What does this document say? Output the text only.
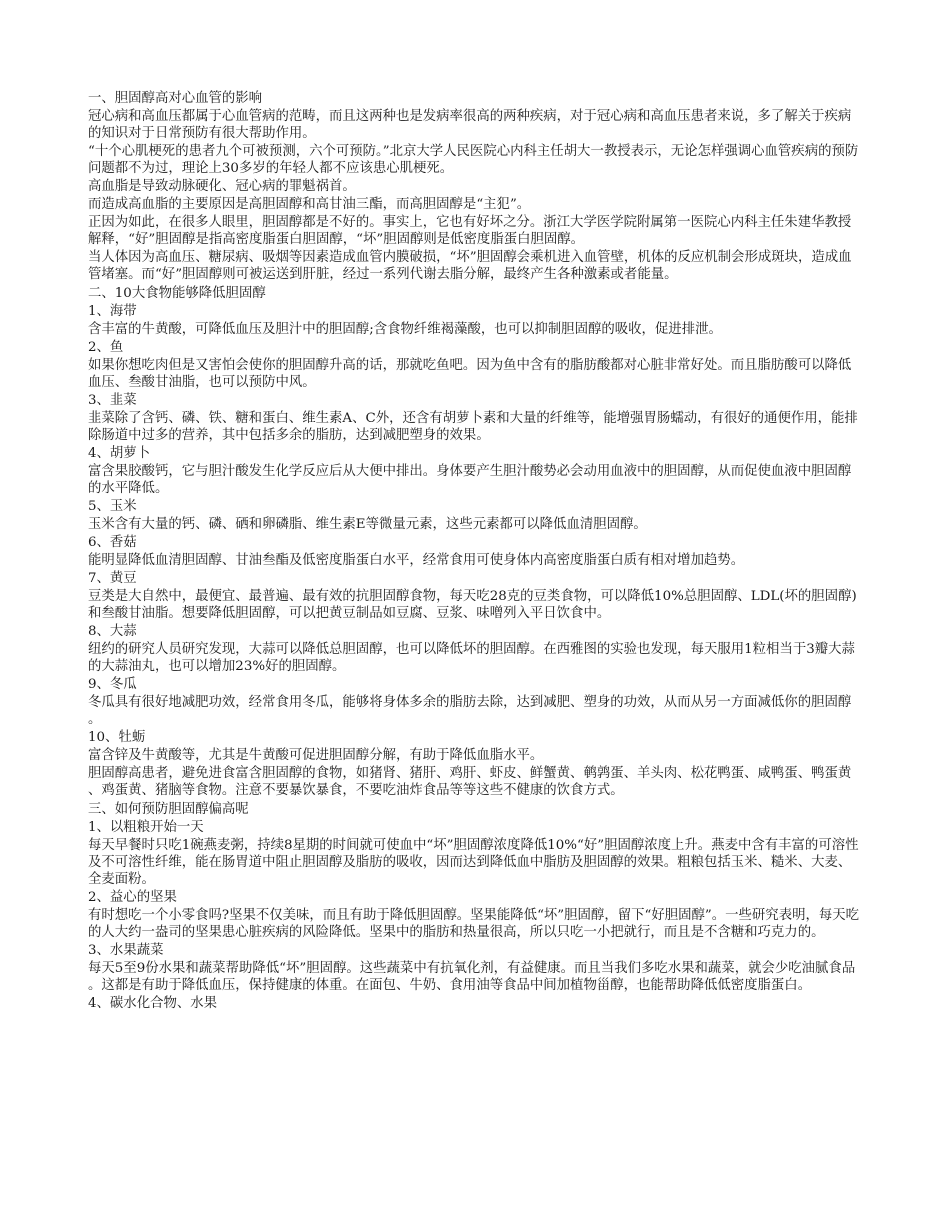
一、胆固醇高对心血管的影响

冠心病和高血压都属于心血管病的范畴，而且这两种也是发病率很高的两种疾病，对于冠心病和高血压患者来说，多了解关于疾病的知识对于日常预防有很大帮助作用。

“十个心肌梗死的患者九个可被预测，六个可预防。”北京大学人民医院心内科主任胡大一教授表示，无论怎样强调心血管疾病的预防问题都不为过，理论上30多岁的年轻人都不应该患心肌梗死。

高血脂是导致动脉硬化、冠心病的罪魁祸首。

而造成高血脂的主要原因是高胆固醇和高甘油三酯，而高胆固醇是“主犯”。

正因为如此，在很多人眼里，胆固醇都是不好的。事实上，它也有好坏之分。浙江大学医学院附属第一医院心内科主任朱建华教授解释，“好”胆固醇是指高密度脂蛋白胆固醇，“坏”胆固醇则是低密度脂蛋白胆固醇。

当人体因为高血压、糖尿病、吸烟等因素造成血管内膜破损，“坏”胆固醇会乘机进入血管壁，机体的反应机制会形成斑块，造成血管堵塞。而“好”胆固醇则可被运送到肝脏，经过一系列代谢去脂分解，最终产生各种激素或者能量。

二、10大食物能够降低胆固醇

1、海带

含丰富的牛黄酸，可降低血压及胆汁中的胆固醇;含食物纤维褐藻酸，也可以抑制胆固醇的吸收，促进排泄。

2、鱼

如果你想吃肉但是又害怕会使你的胆固醇升高的话，那就吃鱼吧。因为鱼中含有的脂肪酸都对心脏非常好处。而且脂肪酸可以降低血压、叁酸甘油脂，也可以预防中风。

3、韭菜

韭菜除了含钙、磷、铁、糖和蛋白、维生素A、C外，还含有胡萝卜素和大量的纤维等，能增强胃肠蠕动，有很好的通便作用，能排除肠道中过多的营养，其中包括多余的脂肪，达到减肥塑身的效果。

4、胡萝卜

富含果胶酸钙，它与胆汁酸发生化学反应后从大便中排出。身体要产生胆汁酸势必会动用血液中的胆固醇，从而促使血液中胆固醇的水平降低。

5、玉米

玉米含有大量的钙、磷、硒和卵磷脂、维生素E等微量元素，这些元素都可以降低血清胆固醇。

6、香菇

能明显降低血清胆固醇、甘油叁酯及低密度脂蛋白水平，经常食用可使身体内高密度脂蛋白质有相对增加趋势。

7、黄豆

豆类是大自然中，最便宜、最普遍、最有效的抗胆固醇食物，每天吃28克的豆类食物，可以降低10%总胆固醇、LDL(坏的胆固醇)和叁酸甘油脂。想要降低胆固醇，可以把黄豆制品如豆腐、豆浆、味噌列入平日饮食中。

8、大蒜

纽约的研究人员研究发现，大蒜可以降低总胆固醇，也可以降低坏的胆固醇。在西雅图的实验也发现，每天服用1粒相当于3瓣大蒜的大蒜油丸，也可以增加23%好的胆固醇。

9、冬瓜

冬瓜具有很好地减肥功效，经常食用冬瓜，能够将身体多余的脂肪去除，达到减肥、塑身的功效，从而从另一方面减低你的胆固醇。

10、牡蛎

富含锌及牛黄酸等，尤其是牛黄酸可促进胆固醇分解，有助于降低血脂水平。

胆固醇高患者，避免进食富含胆固醇的食物，如猪肾、猪肝、鸡肝、虾皮、鲜蟹黄、鹌鹑蛋、羊头肉、松花鸭蛋、咸鸭蛋、鸭蛋黄、鸡蛋黄、猪脑等食物。注意不要暴饮暴食，不要吃油炸食品等等这些不健康的饮食方式。

三、如何预防胆固醇偏高呢

1、以粗粮开始一天

每天早餐时只吃1碗燕麦粥，持续8星期的时间就可使血中“坏”胆固醇浓度降低10%“好”胆固醇浓度上升。燕麦中含有丰富的可溶性及不可溶性纤维，能在肠胃道中阻止胆固醇及脂肪的吸收，因而达到降低血中脂肪及胆固醇的效果。粗粮包括玉米、糙米、大麦、全麦面粉。

2、益心的坚果

有时想吃一个小零食吗?坚果不仅美味，而且有助于降低胆固醇。坚果能降低“坏”胆固醇，留下“好胆固醇”。一些研究表明，每天吃的人大约一盎司的坚果患心脏疾病的风险降低。坚果中的脂肪和热量很高，所以只吃一小把就行，而且是不含糖和巧克力的。

3、水果蔬菜

每天5至9份水果和蔬菜帮助降低“坏”胆固醇。这些蔬菜中有抗氧化剂，有益健康。而且当我们多吃水果和蔬菜，就会少吃油腻食品。这都是有助于降低血压，保持健康的体重。在面包、牛奶、食用油等食品中间加植物甾醇，也能帮助降低低密度脂蛋白。

4、碳水化合物、水果
